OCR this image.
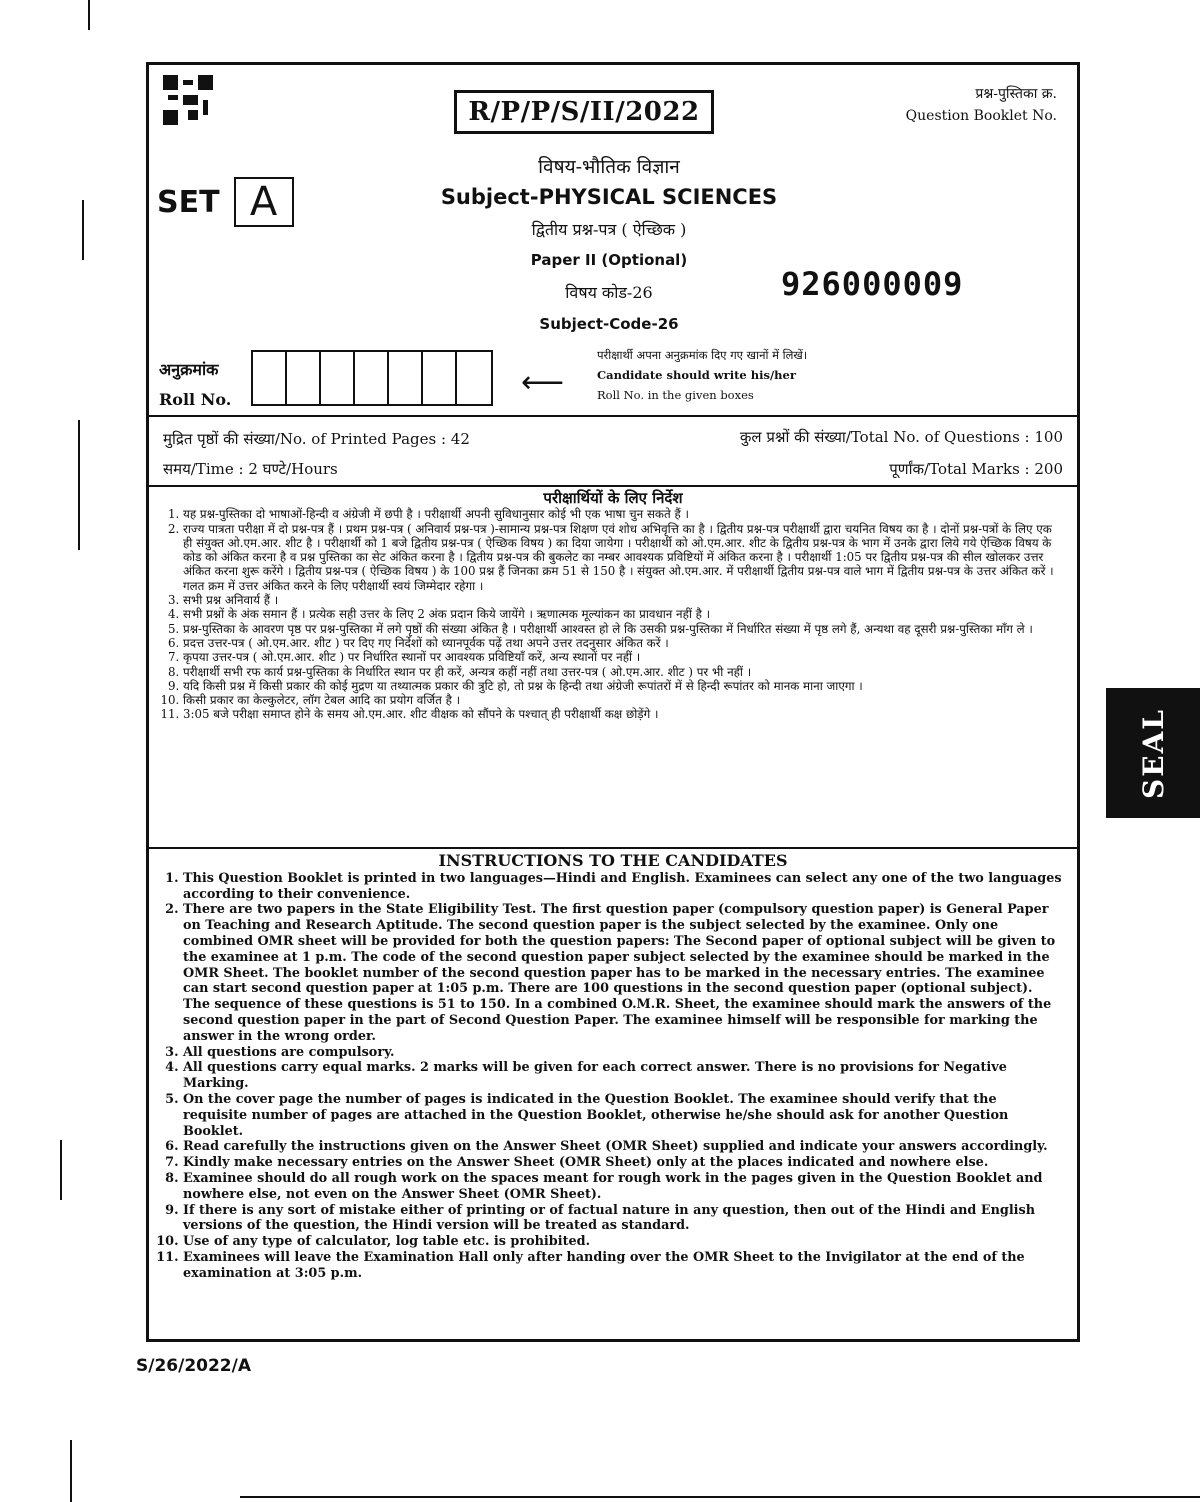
R/P/P/S/II/2022
प्रश्न-पुस्तिका क्र.
Question Booklet No.
SET A
विषय-भौतिक विज्ञान
Subject-PHYSICAL SCIENCES
द्वितीय प्रश्न-पत्र ( ऐच्छिक )
Paper II (Optional)
विषय कोड-26
Subject-Code-26
926000009
अनुक्रमांक
Roll No.	⟵
परीक्षार्थी अपना अनुक्रमांक दिए गए खानों में लिखें।
Candidate should write his/her
Roll No. in the given boxes
मुद्रित पृष्ठों की संख्या/No. of Printed Pages : 42	कुल प्रश्नों की संख्या/Total No. of Questions : 100
समय/Time : 2 घण्टे/Hours	पूर्णांक/Total Marks : 200
परीक्षार्थियों के लिए निर्देश
1. यह प्रश्न-पुस्तिका दो भाषाओं-हिन्दी व अंग्रेजी में छपी है । परीक्षार्थी अपनी सुविधानुसार कोई भी एक भाषा चुन सकते हैं ।
2. राज्य पात्रता परीक्षा में दो प्रश्न-पत्र हैं । प्रथम प्रश्न-पत्र ( अनिवार्य प्रश्न-पत्र )-सामान्य प्रश्न-पत्र शिक्षण एवं शोध अभिवृत्ति का है । द्वितीय प्रश्न-पत्र परीक्षार्थी द्वारा चयनित विषय का है । दोनों प्रश्न-पत्रों के लिए एक ही संयुक्त ओ.एम.आर. शीट है । परीक्षार्थी को 1 बजे द्वितीय प्रश्न-पत्र ( ऐच्छिक विषय ) का दिया जायेगा । परीक्षार्थी को ओ.एम.आर. शीट के द्वितीय प्रश्न-पत्र के भाग में उनके द्वारा लिये गये ऐच्छिक विषय के कोड को अंकित करना है व प्रश्न पुस्तिका का सेट अंकित करना है । द्वितीय प्रश्न-पत्र की बुकलेट का नम्बर आवश्यक प्रविष्टियों में अंकित करना है । परीक्षार्थी 1:05 पर द्वितीय प्रश्न-पत्र की सील खोलकर उत्तर अंकित करना शुरू करेंगे । द्वितीय प्रश्न-पत्र ( ऐच्छिक विषय ) के 100 प्रश्न हैं जिनका क्रम 51 से 150 है । संयुक्त ओ.एम.आर. में परीक्षार्थी द्वितीय प्रश्न-पत्र वाले भाग में द्वितीय प्रश्न-पत्र के उत्तर अंकित करें । गलत क्रम में उत्तर अंकित करने के लिए परीक्षार्थी स्वयं जिम्मेदार रहेगा ।
3. सभी प्रश्न अनिवार्य हैं ।
4. सभी प्रश्नों के अंक समान हैं । प्रत्येक सही उत्तर के लिए 2 अंक प्रदान किये जायेंगे । ऋणात्मक मूल्यांकन का प्रावधान नहीं है ।
5. प्रश्न-पुस्तिका के आवरण पृष्ठ पर प्रश्न-पुस्तिका में लगे पृष्ठों की संख्या अंकित है । परीक्षार्थी आश्वस्त हो ले कि उसकी प्रश्न-पुस्तिका में निर्धारित संख्या में पृष्ठ लगे हैं, अन्यथा वह दूसरी प्रश्न-पुस्तिका माँग ले ।
6. प्रदत्त उत्तर-पत्र ( ओ.एम.आर. शीट ) पर दिए गए निर्देशों को ध्यानपूर्वक पढ़ें तथा अपने उत्तर तदनुसार अंकित करें ।
7. कृपया उत्तर-पत्र ( ओ.एम.आर. शीट ) पर निर्धारित स्थानों पर आवश्यक प्रविष्टियाँ करें, अन्य स्थानों पर नहीं ।
8. परीक्षार्थी सभी रफ कार्य प्रश्न-पुस्तिका के निर्धारित स्थान पर ही करें, अन्यत्र कहीं नहीं तथा उत्तर-पत्र ( ओ.एम.आर. शीट ) पर भी नहीं ।
9. यदि किसी प्रश्न में किसी प्रकार की कोई मुद्रण या तथ्यात्मक प्रकार की त्रुटि हो, तो प्रश्न के हिन्दी तथा अंग्रेजी रूपांतरों में से हिन्दी रूपांतर को मानक माना जाएगा ।
10. किसी प्रकार का केल्कुलेटर, लॉग टेबल आदि का प्रयोग वर्जित है ।
11. 3:05 बजे परीक्षा समाप्त होने के समय ओ.एम.आर. शीट वीक्षक को सौंपने के पश्चात् ही परीक्षार्थी कक्ष छोड़ेंगे ।
INSTRUCTIONS TO THE CANDIDATES
1. This Question Booklet is printed in two languages—Hindi and English. Examinees can select any one of the two languages according to their convenience.
2. There are two papers in the State Eligibility Test. The first question paper (compulsory question paper) is General Paper on Teaching and Research Aptitude. The second question paper is the subject selected by the examinee. Only one combined OMR sheet will be provided for both the question papers: The Second paper of optional subject will be given to the examinee at 1 p.m. The code of the second question paper subject selected by the examinee should be marked in the OMR Sheet. The booklet number of the second question paper has to be marked in the necessary entries. The examinee can start second question paper at 1:05 p.m. There are 100 questions in the second question paper (optional subject). The sequence of these questions is 51 to 150. In a combined O.M.R. Sheet, the examinee should mark the answers of the second question paper in the part of Second Question Paper. The examinee himself will be responsible for marking the answer in the wrong order.
3. All questions are compulsory.
4. All questions carry equal marks. 2 marks will be given for each correct answer. There is no provisions for Negative Marking.
5. On the cover page the number of pages is indicated in the Question Booklet. The examinee should verify that the requisite number of pages are attached in the Question Booklet, otherwise he/she should ask for another Question Booklet.
6. Read carefully the instructions given on the Answer Sheet (OMR Sheet) supplied and indicate your answers accordingly.
7. Kindly make necessary entries on the Answer Sheet (OMR Sheet) only at the places indicated and nowhere else.
8. Examinee should do all rough work on the spaces meant for rough work in the pages given in the Question Booklet and nowhere else, not even on the Answer Sheet (OMR Sheet).
9. If there is any sort of mistake either of printing or of factual nature in any question, then out of the Hindi and English versions of the question, the Hindi version will be treated as standard.
10. Use of any type of calculator, log table etc. is prohibited.
11. Examinees will leave the Examination Hall only after handing over the OMR Sheet to the Invigilator at the end of the examination at 3:05 p.m.
S/26/2022/A
SEAL
